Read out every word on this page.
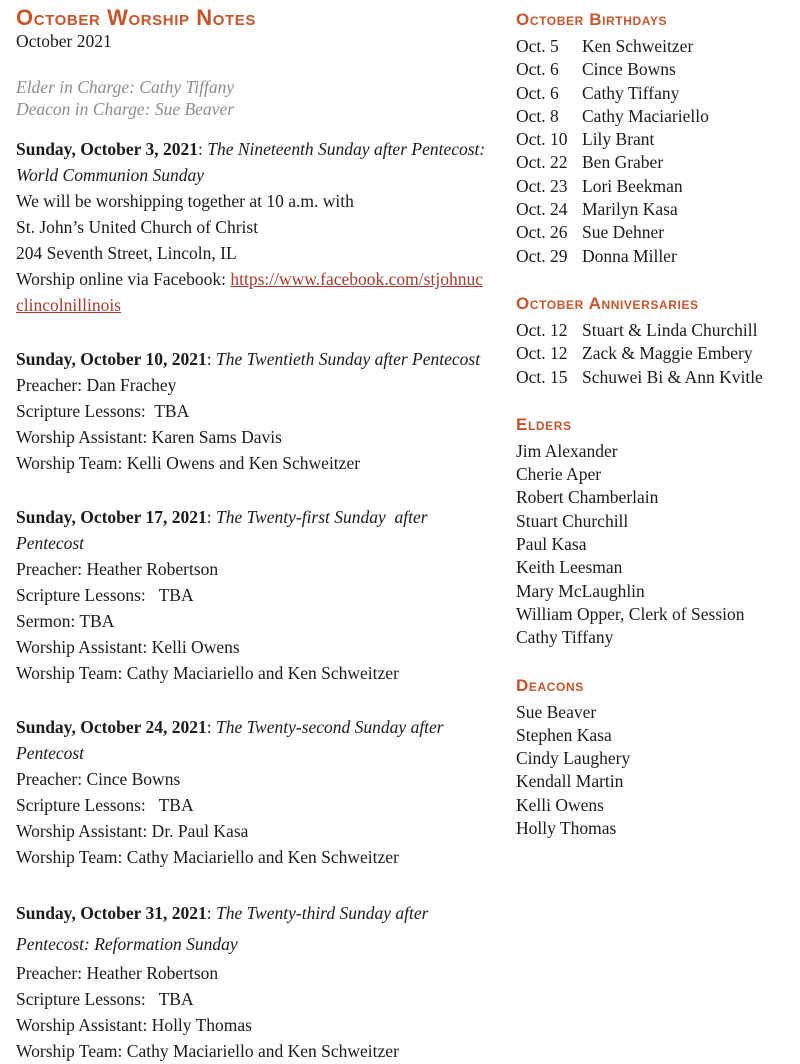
October Worship Notes

October 2021

Elder in Charge: Cathy Tiffany
Deacon in Charge: Sue Beaver

Sunday, October 3, 2021: The Nineteenth Sunday after Pentecost: World Communion Sunday

We will be worshipping together at 10 a.m. with

St. John’s United Church of Christ

204 Seventh Street, Lincoln, IL

Worship online via Facebook: https://www.facebook.com/stjohnucclincolnillinois

Sunday, October 10, 2021: The Twentieth Sunday after Pentecost

Preacher: Dan Frachey

Scripture Lessons:  TBA

Worship Assistant: Karen Sams Davis

Worship Team: Kelli Owens and Ken Schweitzer

Sunday, October 17, 2021: The Twenty-first Sunday  after Pentecost

Preacher: Heather Robertson

Scripture Lessons:   TBA

Sermon: TBA

Worship Assistant: Kelli Owens

Worship Team: Cathy Maciariello and Ken Schweitzer

Sunday, October 24, 2021: The Twenty-second Sunday after Pentecost

Preacher: Cince Bowns

Scripture Lessons:   TBA

Worship Assistant: Dr. Paul Kasa

Worship Team: Cathy Maciariello and Ken Schweitzer

Sunday, October 31, 2021: The Twenty-third Sunday after Pentecost: Reformation Sunday

Preacher: Heather Robertson

Scripture Lessons:   TBA

Worship Assistant: Holly Thomas

Worship Team: Cathy Maciariello and Ken Schweitzer

October Birthdays
Oct. 5	Ken Schweitzer
Oct. 6	Cince Bowns
Oct. 6	Cathy Tiffany
Oct. 8	Cathy Maciariello
Oct. 10 Lily Brant
Oct. 22 Ben Graber
Oct. 23 Lori Beekman
Oct. 24 Marilyn Kasa
Oct. 26 Sue Dehner
Oct. 29 Donna Miller
October Anniversaries
Oct. 12 Stuart & Linda Churchill
Oct. 12 Zack & Maggie Embery
Oct. 15 Schuwei Bi & Ann Kvitle
Elders
Jim Alexander
Cherie Aper
Robert Chamberlain
Stuart Churchill
Paul Kasa
Keith Leesman
Mary McLaughlin
William Opper, Clerk of Session
Cathy Tiffany
Deacons
Sue Beaver
Stephen Kasa
Cindy Laughery
Kendall Martin
Kelli Owens
Holly Thomas
